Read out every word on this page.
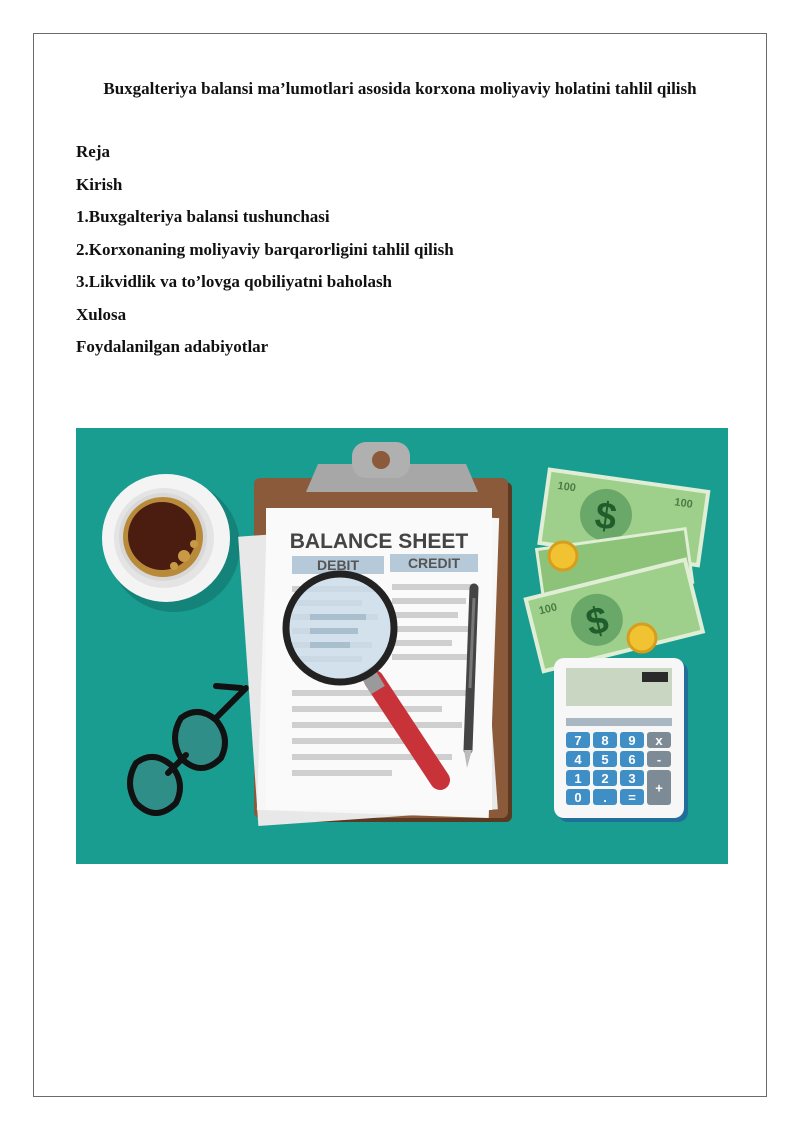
Buxgalteriya balansi ma’lumotlari asosida korxona moliyaviy holatini tahlil qilish
Reja
Kirish
1.Buxgalteriya balansi tushunchasi
2.Korxonaning moliyaviy barqarorligini tahlil qilish
3.Likvidlik va to’lovga qobiliyatni baholash
Xulosa
Foydalanilgan adabiyotlar
BALANCE SHEET
DEBIT	CREDIT
$
100
100
$
100
7 8 9 x
4 5 6 -
1 2 3
0 . =
+
